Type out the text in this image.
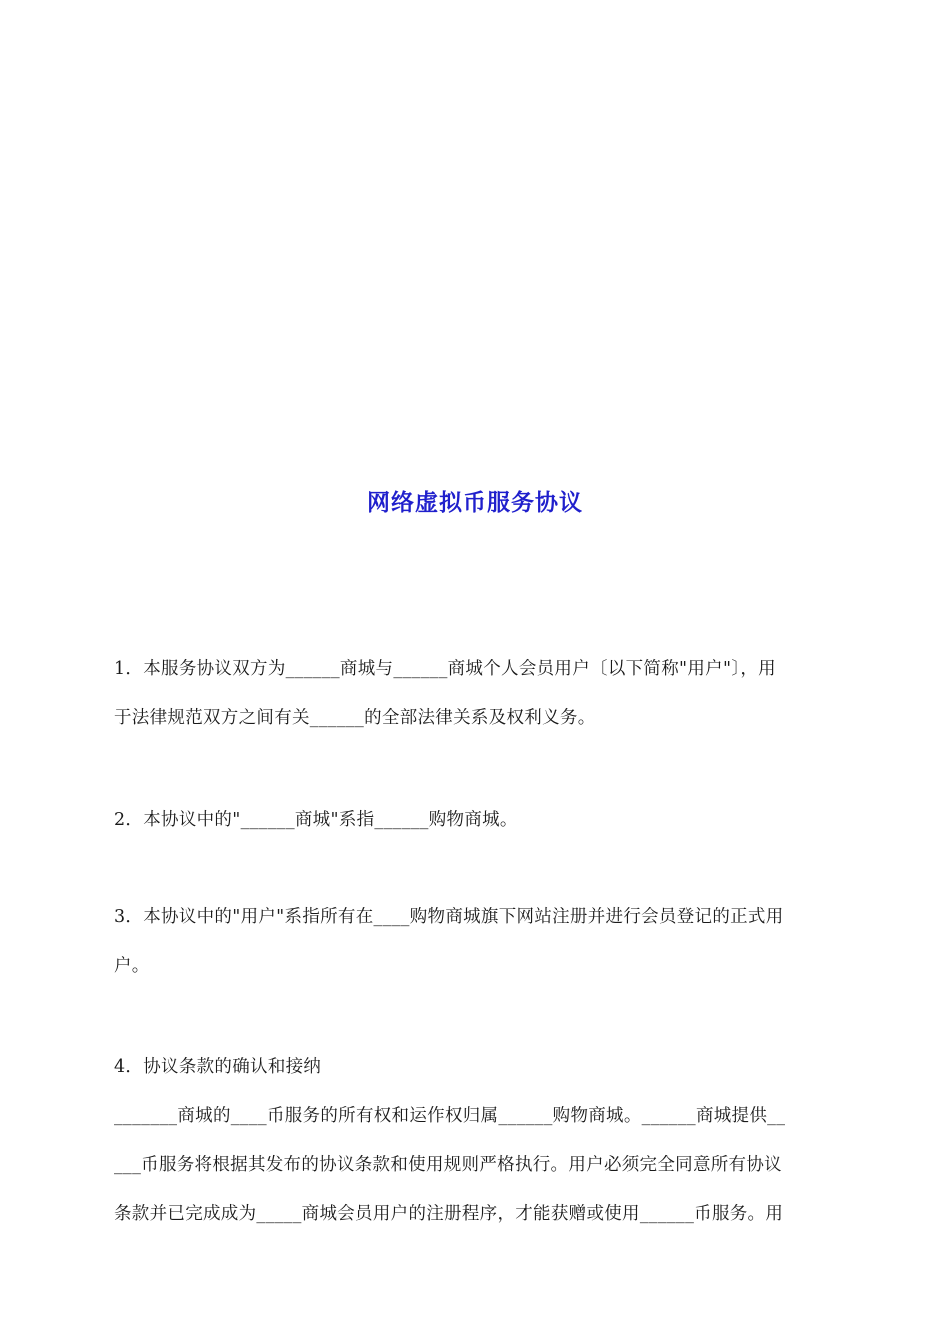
网络虚拟币服务协议

1．本服务协议双方为______商城与______商城个人会员用户〔以下简称"用户"〕，用
于法律规范双方之间有关______的全部法律关系及权利义务。

2．本协议中的"______商城"系指______购物商城。

3．本协议中的"用户"系指所有在____购物商城旗下网站注册并进行会员登记的正式用
户。

4．协议条款的确认和接纳
_______商城的____币服务的所有权和运作权归属______购物商城。______商城提供__
___币服务将根据其发布的协议条款和使用规则严格执行。用户必须完全同意所有协议
条款并已完成成为_____商城会员用户的注册程序，才能获赠或使用______币服务。用
